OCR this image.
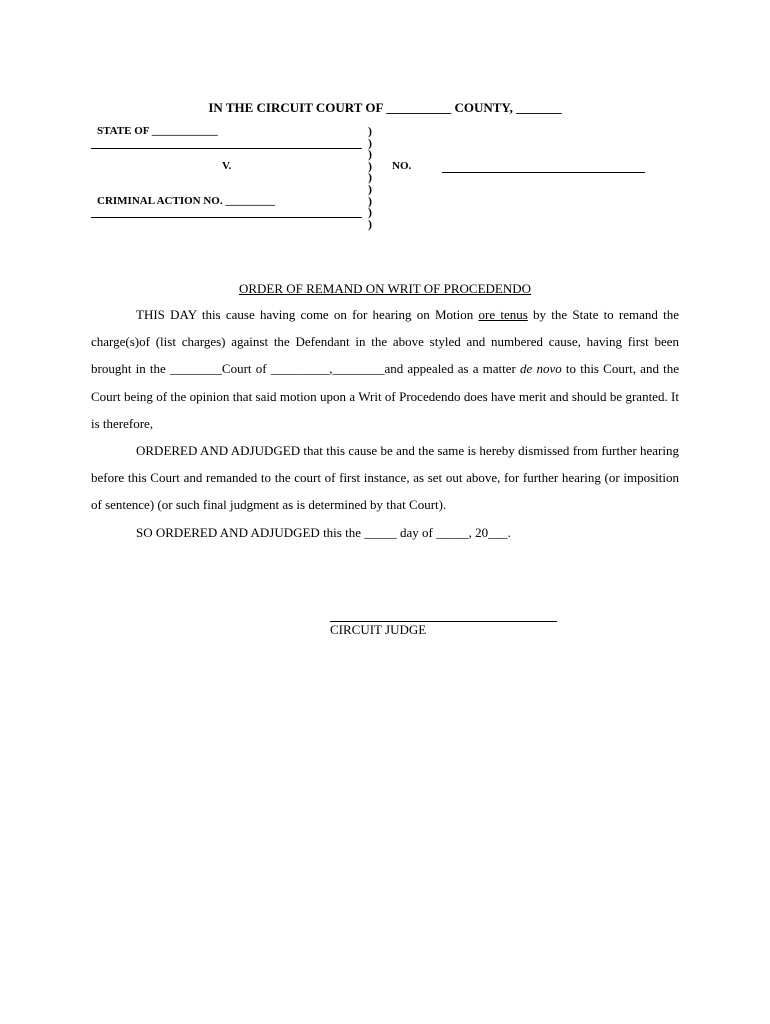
IN THE CIRCUIT COURT OF __________ COUNTY, _______
STATE OF ____________
V.
CRIMINAL ACTION NO. _________
)
)
)
)
)
)
)
)
)
NO.
ORDER OF REMAND ON WRIT OF PROCEDENDO

THIS DAY this cause having come on for hearing on Motion ore tenus by the State to remand the charge(s)of (list charges) against the Defendant in the above styled and numbered cause, having first been brought in the ________Court of _________,________and appealed as a matter de novo to this Court, and the Court being of the opinion that said motion upon a Writ of Procedendo does have merit and should be granted. It is therefore,

ORDERED AND ADJUDGED that this cause be and the same is hereby dismissed from further hearing before this Court and remanded to the court of first instance, as set out above, for further hearing (or imposition of sentence) (or such final judgment as is determined by that Court).

SO ORDERED AND ADJUDGED this the _____ day of _____, 20___.

CIRCUIT JUDGE
